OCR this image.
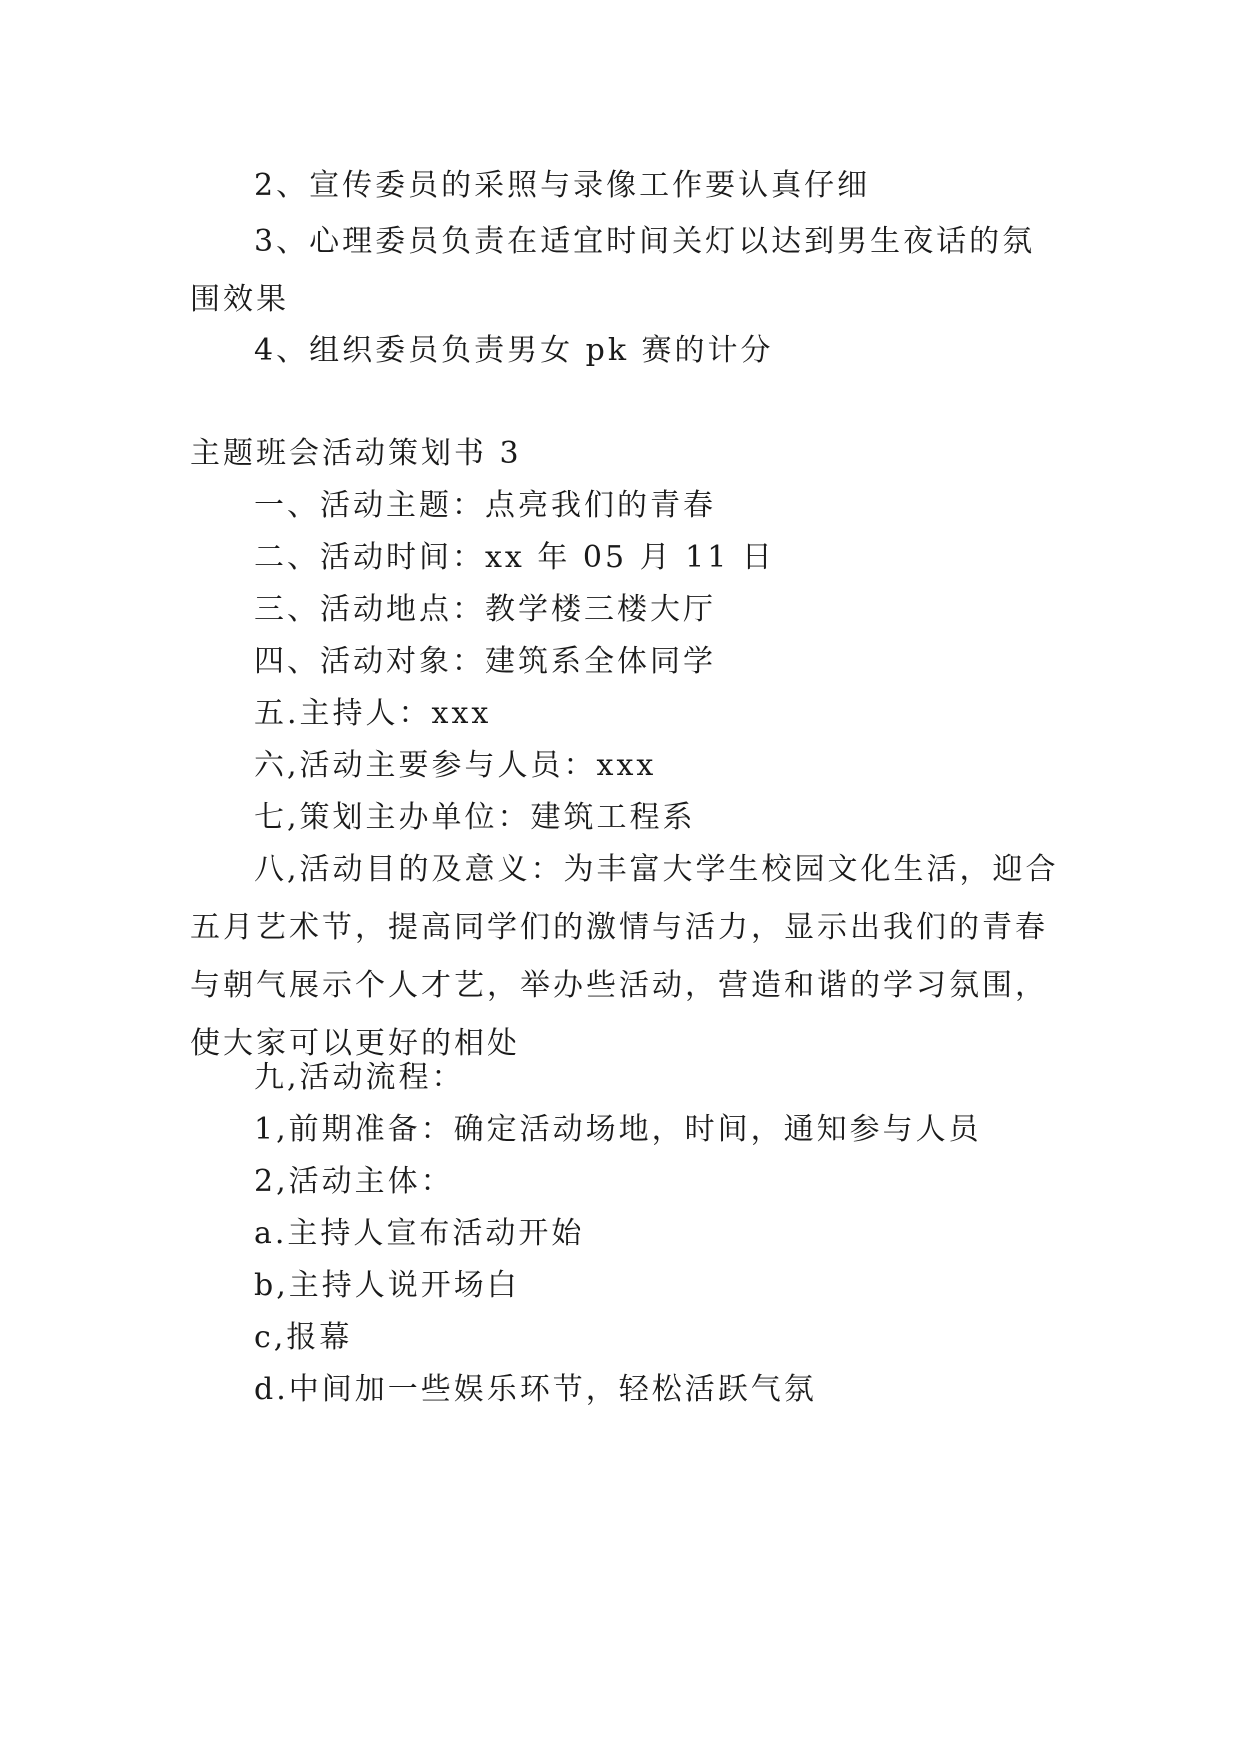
2、宣传委员的采照与录像工作要认真仔细

3、心理委员负责在适宜时间关灯以达到男生夜话的氛围效果

4、组织委员负责男女 pk 赛的计分

主题班会活动策划书 3

一、活动主题：点亮我们的青春

二、活动时间：xx 年 05 月 11 日

三、活动地点：教学楼三楼大厅

四、活动对象：建筑系全体同学

五.主持人：xxx

六,活动主要参与人员：xxx

七,策划主办单位：建筑工程系

八,活动目的及意义：为丰富大学生校园文化生活，迎合五月艺术节，提高同学们的激情与活力，显示出我们的青春与朝气展示个人才艺，举办些活动，营造和谐的学习氛围，使大家可以更好的相处

九,活动流程：

1,前期准备：确定活动场地，时间，通知参与人员

2,活动主体：

a.主持人宣布活动开始

b,主持人说开场白

c,报幕

d.中间加一些娱乐环节，轻松活跃气氛
